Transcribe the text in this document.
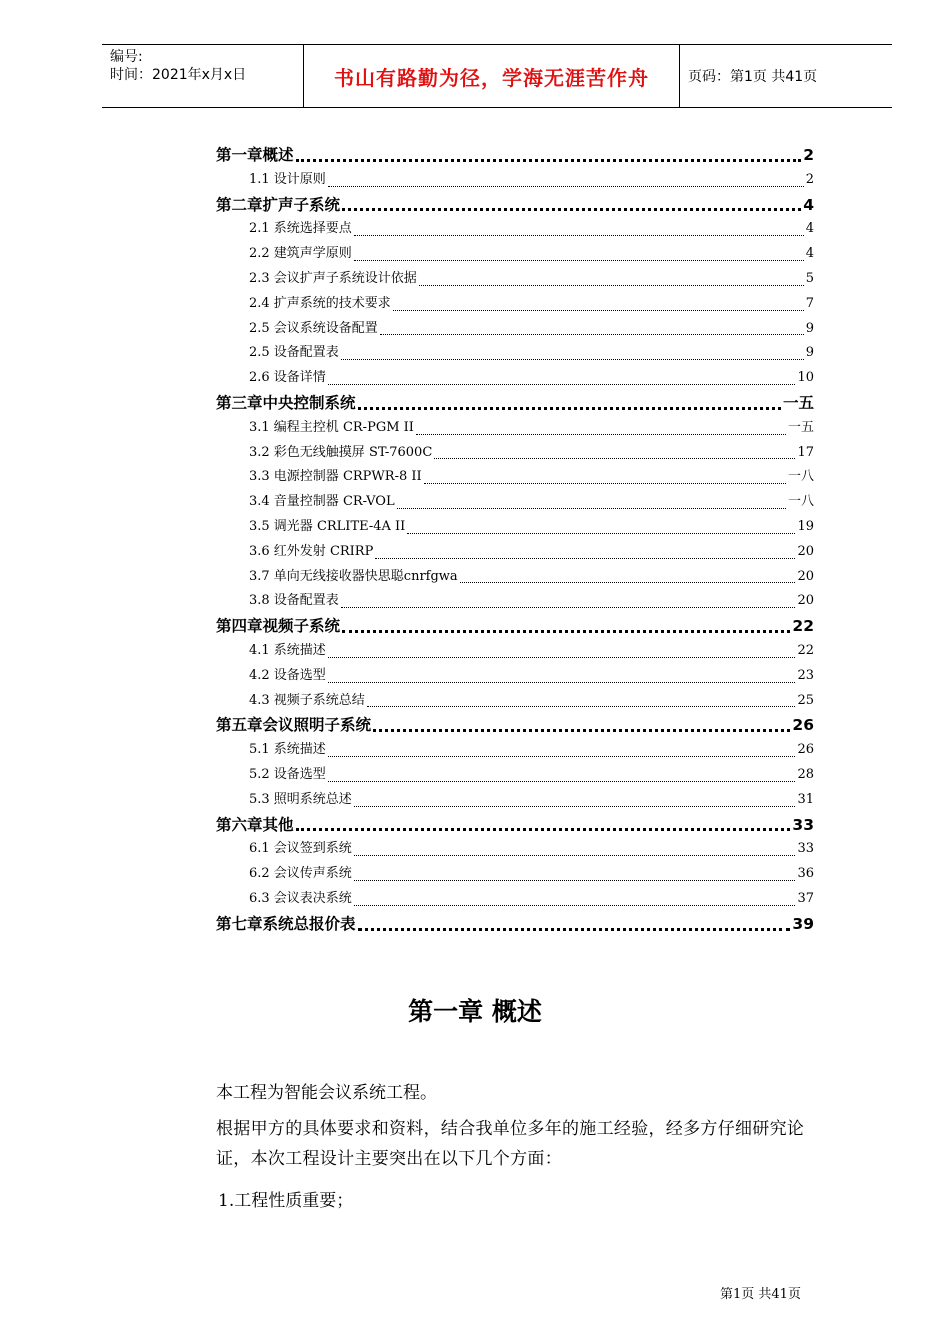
编号:
时间：2021年x月x日	书山有路勤为径，学海无涯苦作舟	页码：第1页 共41页
第一章概述	2
1.1 设计原则	2
第二章扩声子系统	4
2.1 系统选择要点	4
2.2 建筑声学原则	4
2.3 会议扩声子系统设计依据	5
2.4 扩声系统的技术要求	7
2.5 会议系统设备配置	9
2.5 设备配置表	9
2.6 设备详情	10
第三章中央控制系统	一五
3.1 编程主控机 CR-PGM II	一五
3.2 彩色无线触摸屏 ST-7600C	17
3.3 电源控制器 CRPWR-8 II	一八
3.4 音量控制器 CR-VOL	一八
3.5 调光器 CRLITE-4A II	19
3.6 红外发射 CRIRP	20
3.7 单向无线接收器快思聪cnrfgwa	20
3.8 设备配置表	20
第四章视频子系统	22
4.1 系统描述	22
4.2 设备选型	23
4.3 视频子系统总结	25
第五章会议照明子系统	26
5.1 系统描述	26
5.2 设备选型	28
5.3 照明系统总述	31
第六章其他	33
6.1 会议签到系统	33
6.2 会议传声系统	36
6.3 会议表决系统	37
第七章系统总报价表	39
第一章 概述
本工程为智能会议系统工程。
根据甲方的具体要求和资料，结合我单位多年的施工经验，经多方仔细研究论证，本次工程设计主要突出在以下几个方面：
1.工程性质重要；
第1页 共41页
